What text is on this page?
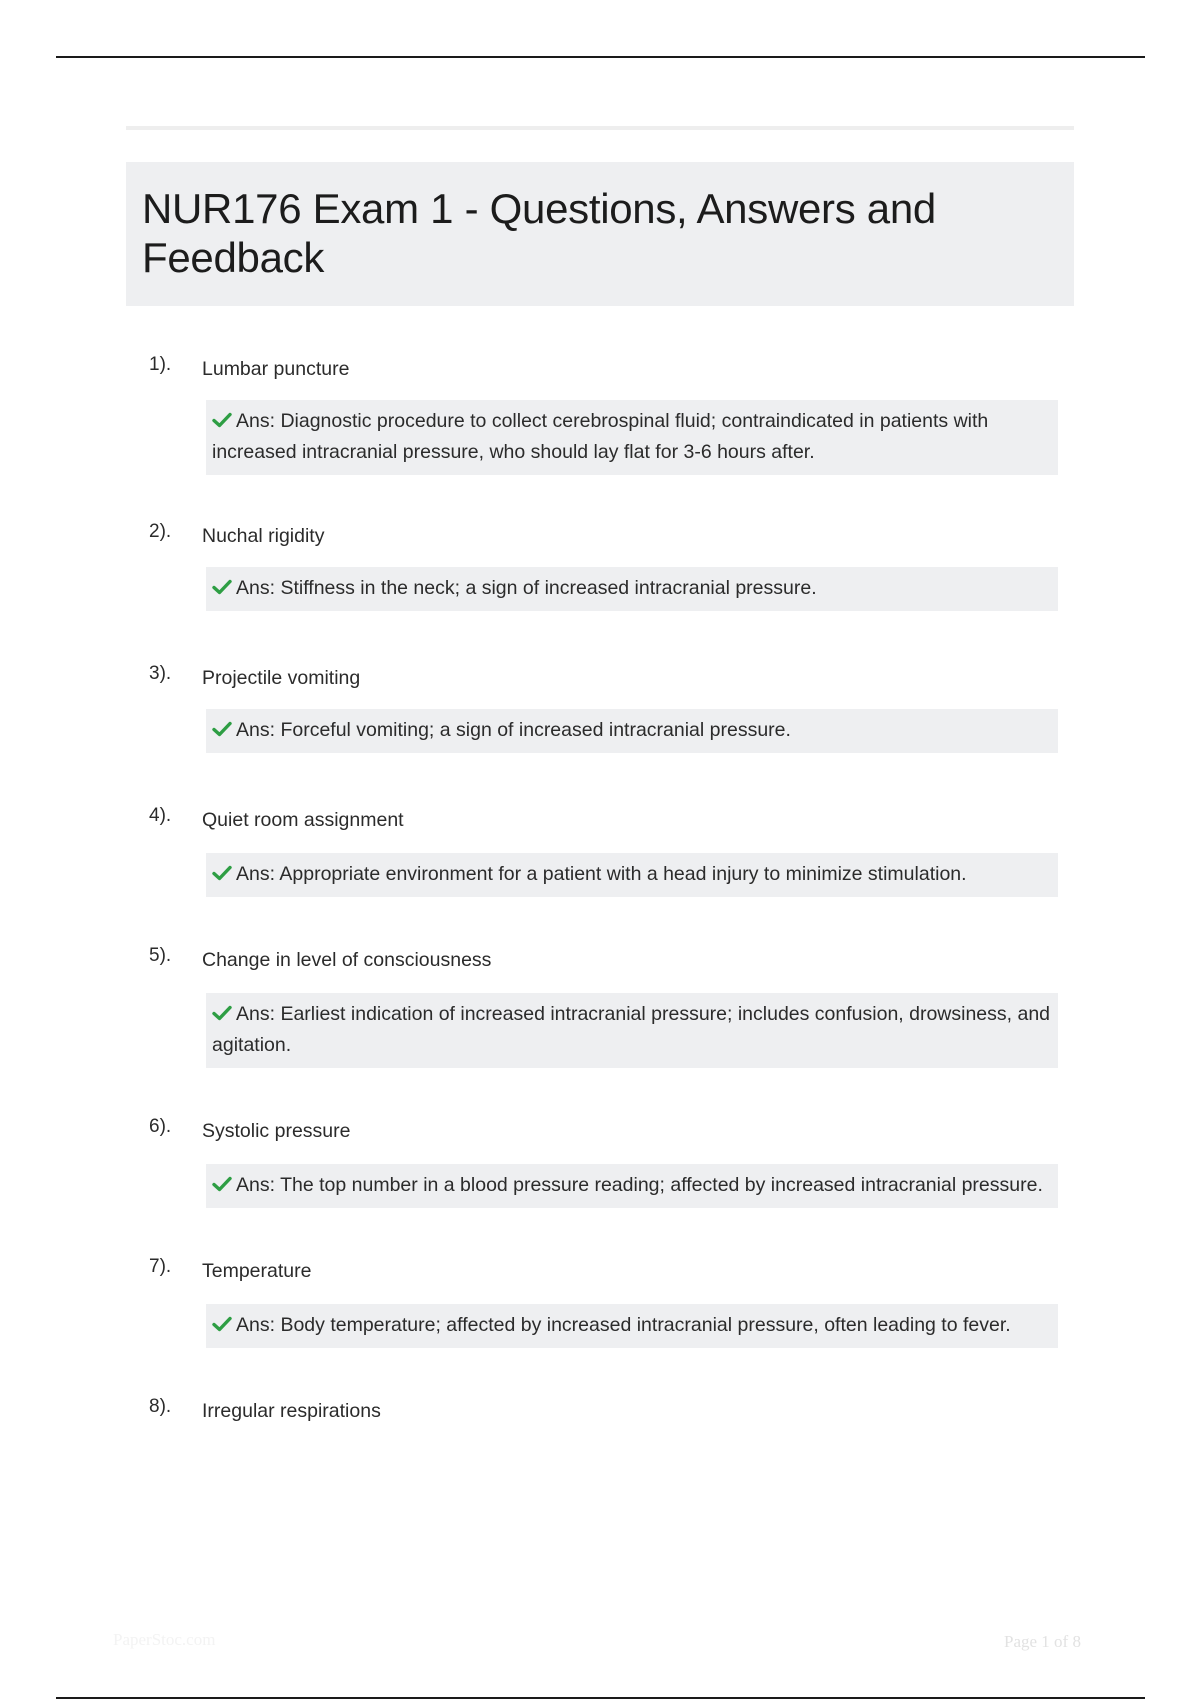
NUR176 Exam 1 - Questions, Answers and Feedback
1). Lumbar puncture
Ans: Diagnostic procedure to collect cerebrospinal fluid; contraindicated in patients with increased intracranial pressure, who should lay flat for 3-6 hours after.
2). Nuchal rigidity
Ans: Stiffness in the neck; a sign of increased intracranial pressure.
3). Projectile vomiting
Ans: Forceful vomiting; a sign of increased intracranial pressure.
4). Quiet room assignment
Ans: Appropriate environment for a patient with a head injury to minimize stimulation.
5). Change in level of consciousness
Ans: Earliest indication of increased intracranial pressure; includes confusion, drowsiness, and agitation.
6). Systolic pressure
Ans: The top number in a blood pressure reading; affected by increased intracranial pressure.
7). Temperature
Ans: Body temperature; affected by increased intracranial pressure, often leading to fever.
8). Irregular respirations
PaperStoc.com	Page 1 of 8
